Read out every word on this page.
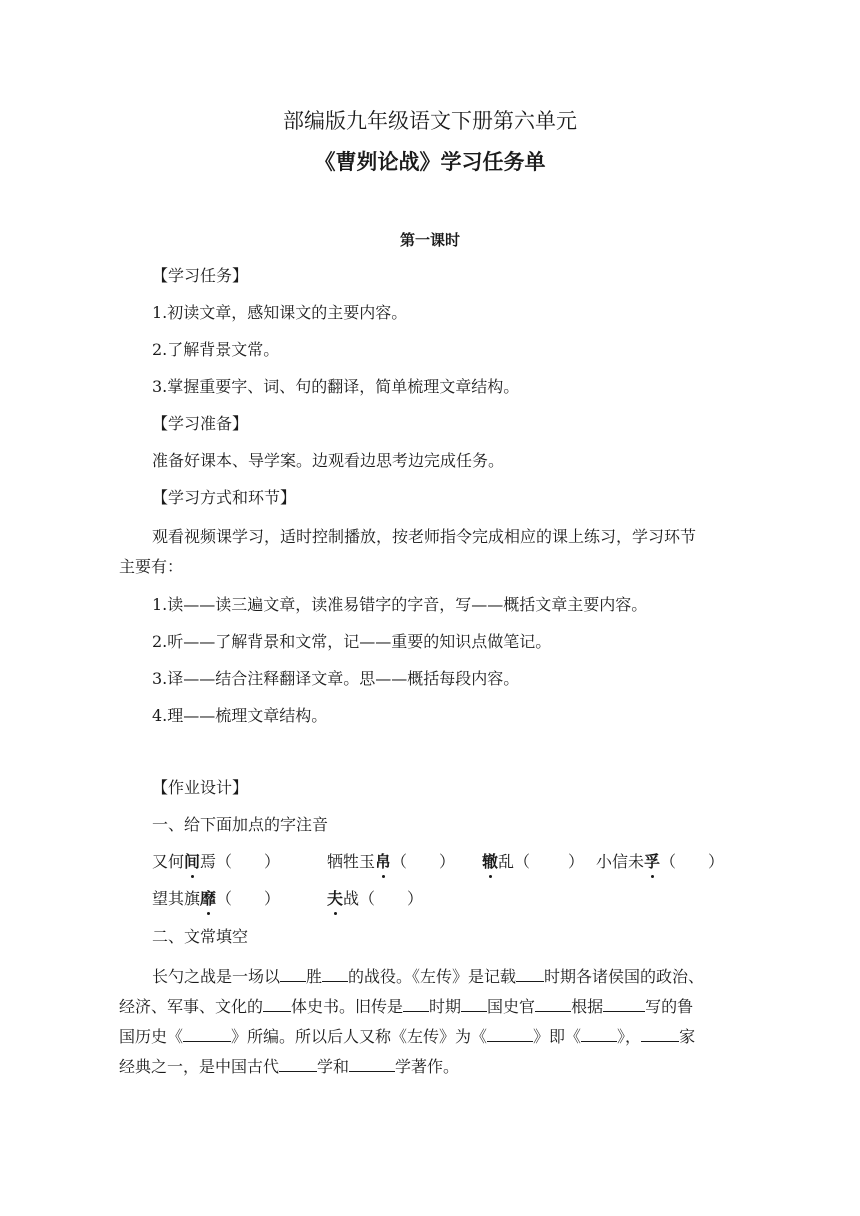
部编版九年级语文下册第六单元
《曹刿论战》学习任务单
第一课时
【学习任务】
1.初读文章，感知课文的主要内容。
2.了解背景文常。
3.掌握重要字、词、句的翻译，简单梳理文章结构。
【学习准备】
准备好课本、导学案。边观看边思考边完成任务。
【学习方式和环节】
观看视频课学习，适时控制播放，按老师指令完成相应的课上练习，学习环节
主要有：
1.读——读三遍文章，读准易错字的字音，写——概括文章主要内容。
2.听——了解背景和文常，记——重要的知识点做笔记。
3.译——结合注释翻译文章。思——概括每段内容。
4.理——梳理文章结构。
【作业设计】
一、给下面加点的字注音
又何间焉（ ）	牺牲玉帛（ ） 辙乱（ ） 小信未孚（ ）
望其旗靡（ ）	夫战（ ）
二、文常填空
长勺之战是一场以 胜 的战役。《左传》是记载 时期各诸侯国的政治、
经济、军事、文化的 体史书。旧传是 时期 国史官 根据	写的鲁
国历史《	》所编。所以后人又称《左传》为《	》即《 》， 家
经典之一，是中国古代 学和	学著作。
